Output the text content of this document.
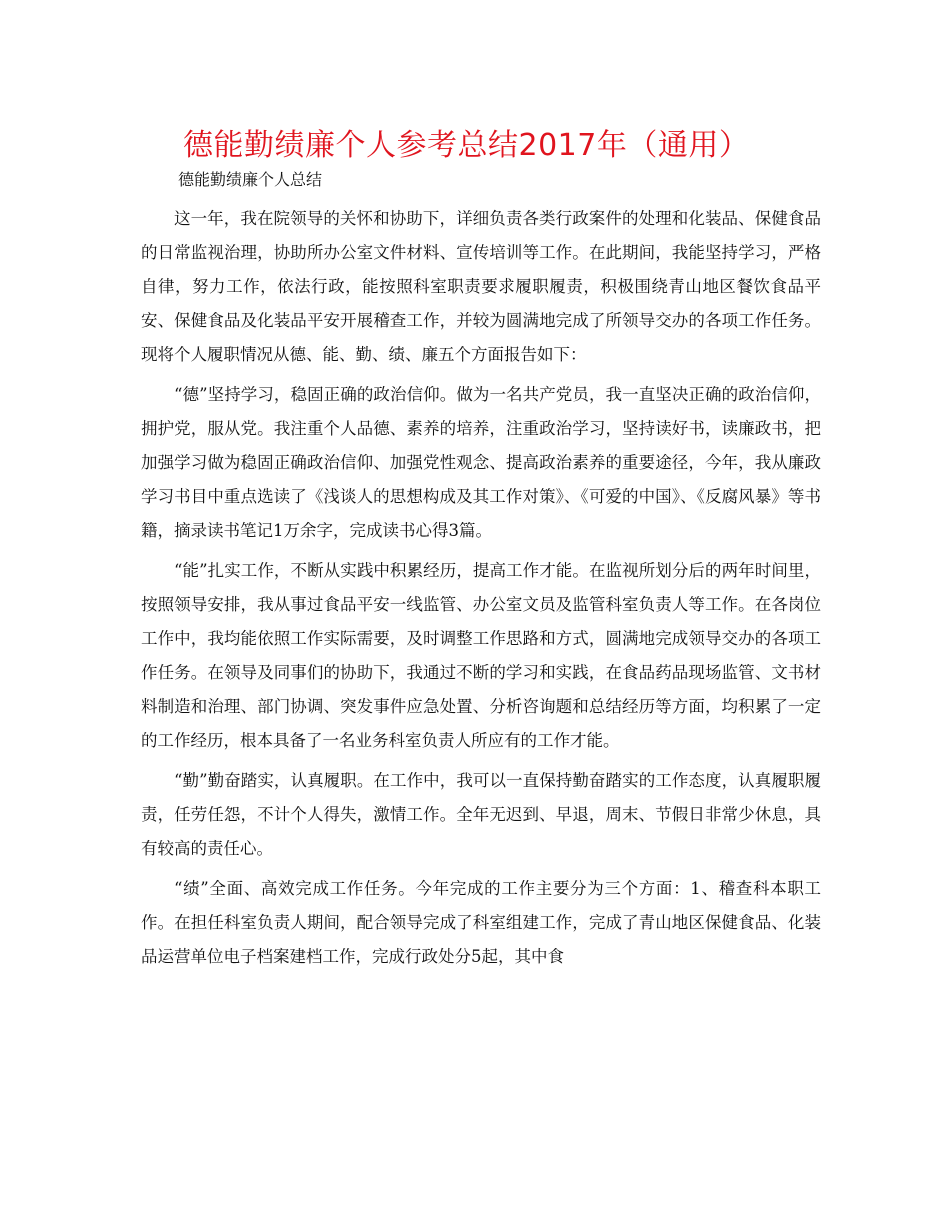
德能勤绩廉个人参考总结2017年（通用）

德能勤绩廉个人总结

这一年，我在院领导的关怀和协助下，详细负责各类行政案件的处理和化装品、保健食品的日常监视治理，协助所办公室文件材料、宣传培训等工作。在此期间，我能坚持学习，严格自律，努力工作，依法行政，能按照科室职责要求履职履责，积极围绕青山地区餐饮食品平安、保健食品及化装品平安开展稽查工作，并较为圆满地完成了所领导交办的各项工作任务。现将个人履职情况从德、能、勤、绩、廉五个方面报告如下：

“德”坚持学习，稳固正确的政治信仰。做为一名共产党员，我一直坚决正确的政治信仰，拥护党，服从党。我注重个人品德、素养的培养，注重政治学习，坚持读好书，读廉政书，把加强学习做为稳固正确政治信仰、加强党性观念、提高政治素养的重要途径，今年，我从廉政学习书目中重点选读了《浅谈人的思想构成及其工作对策》、《可爱的中国》、《反腐风暴》等书籍，摘录读书笔记1万余字，完成读书心得3篇。

“能”扎实工作，不断从实践中积累经历，提高工作才能。在监视所划分后的两年时间里，按照领导安排，我从事过食品平安一线监管、办公室文员及监管科室负责人等工作。在各岗位工作中，我均能依照工作实际需要，及时调整工作思路和方式，圆满地完成领导交办的各项工作任务。在领导及同事们的协助下，我通过不断的学习和实践，在食品药品现场监管、文书材料制造和治理、部门协调、突发事件应急处置、分析咨询题和总结经历等方面，均积累了一定的工作经历，根本具备了一名业务科室负责人所应有的工作才能。

“勤”勤奋踏实，认真履职。在工作中，我可以一直保持勤奋踏实的工作态度，认真履职履责，任劳任怨，不计个人得失，激情工作。全年无迟到、早退，周末、节假日非常少休息，具有较高的责任心。

“绩”全面、高效完成工作任务。今年完成的工作主要分为三个方面：1、稽查科本职工作。在担任科室负责人期间，配合领导完成了科室组建工作，完成了青山地区保健食品、化装品运营单位电子档案建档工作，完成行政处分5起，其中食
